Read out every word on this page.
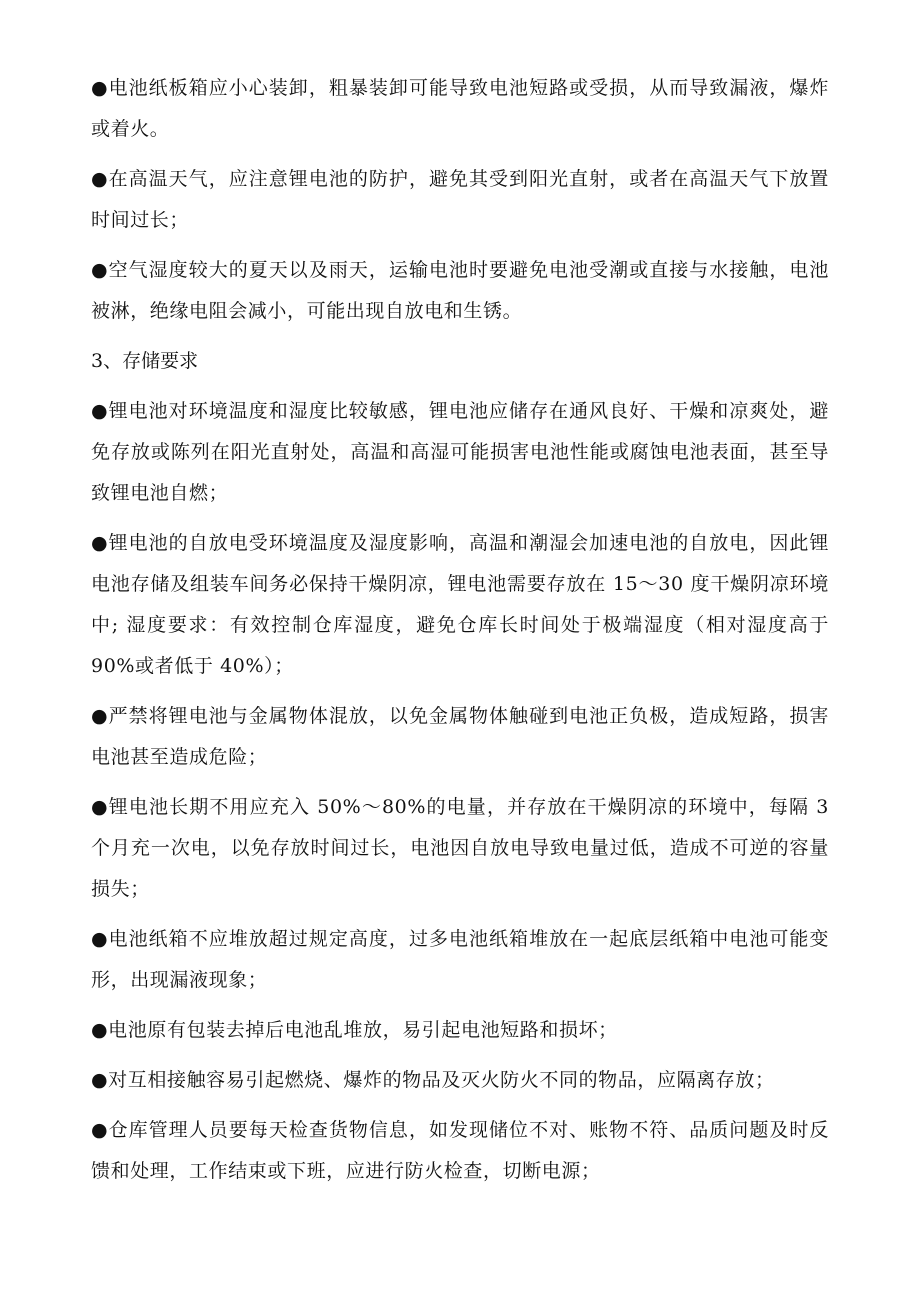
●电池纸板箱应小心装卸，粗暴装卸可能导致电池短路或受损，从而导致漏液，爆炸或着火。

●在高温天气，应注意锂电池的防护，避免其受到阳光直射，或者在高温天气下放置时间过长；

●空气湿度较大的夏天以及雨天，运输电池时要避免电池受潮或直接与水接触，电池被淋，绝缘电阻会减小，可能出现自放电和生锈。

3、存储要求

●锂电池对环境温度和湿度比较敏感，锂电池应储存在通风良好、干燥和凉爽处，避免存放或陈列在阳光直射处，高温和高湿可能损害电池性能或腐蚀电池表面，甚至导致锂电池自燃；

●锂电池的自放电受环境温度及湿度影响，高温和潮湿会加速电池的自放电，因此锂电池存储及组装车间务必保持干燥阴凉，锂电池需要存放在 15～30 度干燥阴凉环境中; 湿度要求：有效控制仓库湿度，避免仓库长时间处于极端湿度（相对湿度高于 90%或者低于 40%）；

●严禁将锂电池与金属物体混放，以免金属物体触碰到电池正负极，造成短路，损害电池甚至造成危险；

●锂电池长期不用应充入 50%～80%的电量，并存放在干燥阴凉的环境中，每隔 3 个月充一次电，以免存放时间过长，电池因自放电导致电量过低，造成不可逆的容量损失；

●电池纸箱不应堆放超过规定高度，过多电池纸箱堆放在一起底层纸箱中电池可能变形，出现漏液现象；

●电池原有包装去掉后电池乱堆放，易引起电池短路和损坏；

●对互相接触容易引起燃烧、爆炸的物品及灭火防火不同的物品，应隔离存放；

●仓库管理人员要每天检查货物信息，如发现储位不对、账物不符、品质问题及时反馈和处理，工作结束或下班，应进行防火检查，切断电源；
